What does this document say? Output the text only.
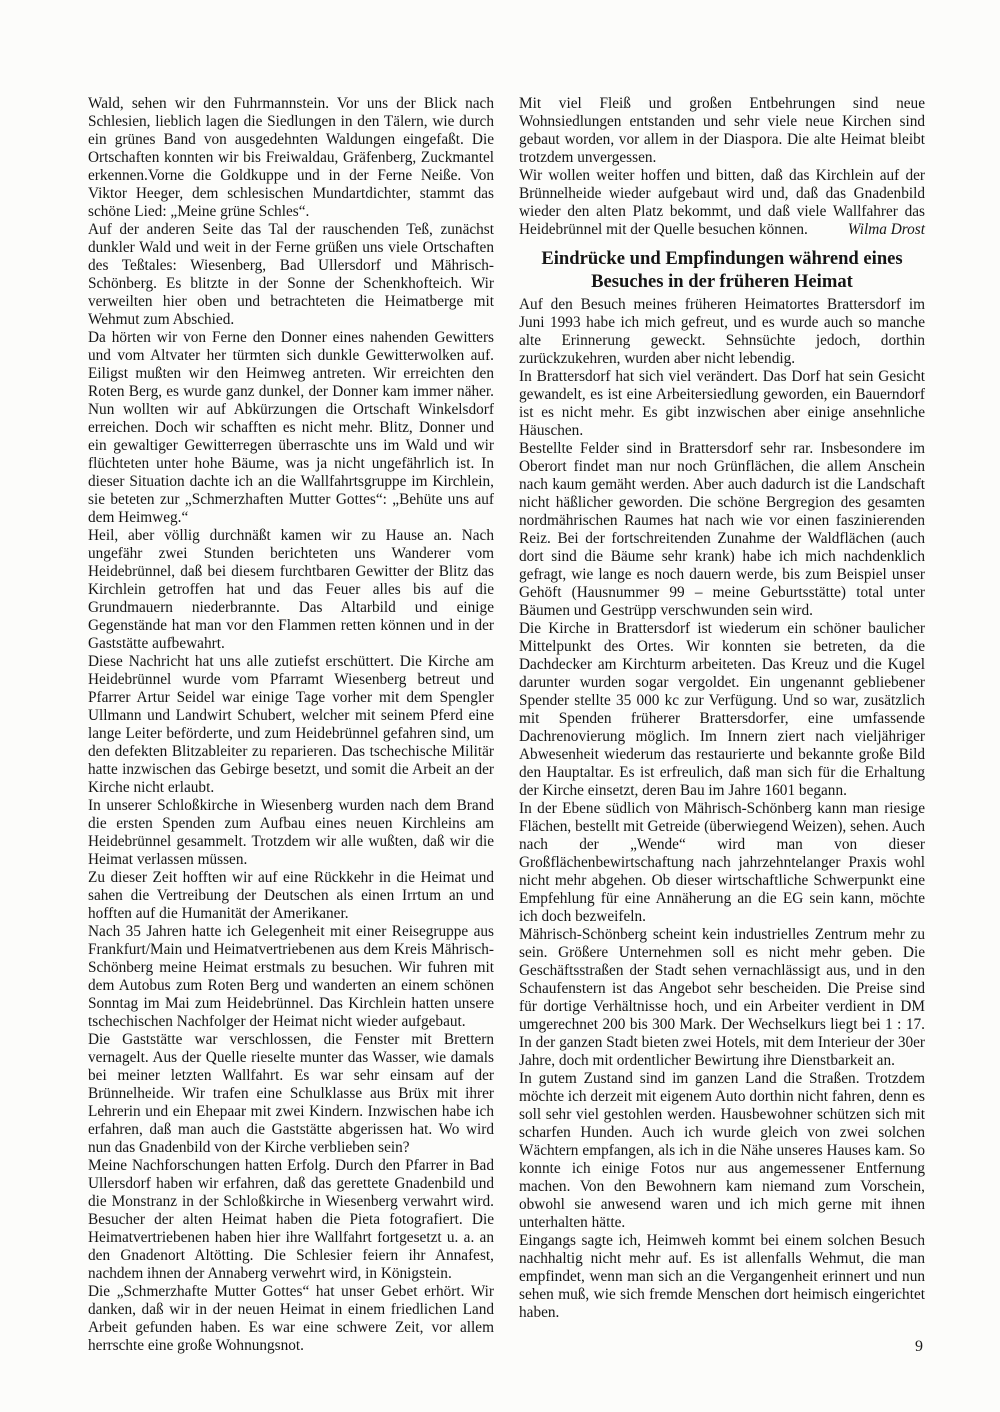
Wald, sehen wir den Fuhrmannstein. Vor uns der Blick nach Schlesien, lieblich lagen die Siedlungen in den Tälern, wie durch ein grünes Band von ausgedehnten Waldungen eingefaßt. Die Ortschaften konnten wir bis Freiwaldau, Gräfenberg, Zuckmantel erkennen.Vorne die Goldkuppe und in der Ferne Neiße. Von Viktor Heeger, dem schlesischen Mundartdichter, stammt das schöne Lied: „Meine grüne Schles“.

Auf der anderen Seite das Tal der rauschenden Teß, zunächst dunkler Wald und weit in der Ferne grüßen uns viele Ortschaften des Teßtales: Wiesenberg, Bad Ullersdorf und Mährisch-Schönberg. Es blitzte in der Sonne der Schenkhofteich. Wir verweilten hier oben und betrachteten die Heimatberge mit Wehmut zum Abschied.

Da hörten wir von Ferne den Donner eines nahenden Gewitters und vom Altvater her türmten sich dunkle Gewitterwolken auf. Eiligst mußten wir den Heimweg antreten. Wir erreichten den Roten Berg, es wurde ganz dunkel, der Donner kam immer näher. Nun wollten wir auf Abkürzungen die Ortschaft Winkelsdorf erreichen. Doch wir schafften es nicht mehr. Blitz, Donner und ein gewaltiger Gewitterregen überraschte uns im Wald und wir flüchteten unter hohe Bäume, was ja nicht ungefährlich ist. In dieser Situation dachte ich an die Wallfahrtsgruppe im Kirchlein, sie beteten zur „Schmerzhaften Mutter Gottes“: „Behüte uns auf dem Heimweg.“

Heil, aber völlig durchnäßt kamen wir zu Hause an. Nach ungefähr zwei Stunden berichteten uns Wanderer vom Heidebrünnel, daß bei diesem furchtbaren Gewitter der Blitz das Kirchlein getroffen hat und das Feuer alles bis auf die Grundmauern niederbrannte. Das Altarbild und einige Gegenstände hat man vor den Flammen retten können und in der Gaststätte aufbewahrt.

Diese Nachricht hat uns alle zutiefst erschüttert. Die Kirche am Heidebrünnel wurde vom Pfarramt Wiesenberg betreut und Pfarrer Artur Seidel war einige Tage vorher mit dem Spengler Ullmann und Landwirt Schubert, welcher mit seinem Pferd eine lange Leiter beförderte, und zum Heidebrünnel gefahren sind, um den defekten Blitzableiter zu reparieren. Das tschechische Militär hatte inzwischen das Gebirge besetzt, und somit die Arbeit an der Kirche nicht erlaubt.

In unserer Schloßkirche in Wiesenberg wurden nach dem Brand die ersten Spenden zum Aufbau eines neuen Kirchleins am Heidebrünnel gesammelt. Trotzdem wir alle wußten, daß wir die Heimat verlassen müssen.

Zu dieser Zeit hofften wir auf eine Rückkehr in die Heimat und sahen die Vertreibung der Deutschen als einen Irrtum an und hofften auf die Humanität der Amerikaner.

Nach 35 Jahren hatte ich Gelegenheit mit einer Reisegruppe aus Frankfurt/Main und Heimatvertriebenen aus dem Kreis Mährisch-Schönberg meine Heimat erstmals zu besuchen. Wir fuhren mit dem Autobus zum Roten Berg und wanderten an einem schönen Sonntag im Mai zum Heidebrünnel. Das Kirchlein hatten unsere tschechischen Nachfolger der Heimat nicht wieder aufgebaut.

Die Gaststätte war verschlossen, die Fenster mit Brettern vernagelt. Aus der Quelle rieselte munter das Wasser, wie damals bei meiner letzten Wallfahrt. Es war sehr einsam auf der Brünnelheide. Wir trafen eine Schulklasse aus Brüx mit ihrer Lehrerin und ein Ehepaar mit zwei Kindern. Inzwischen habe ich erfahren, daß man auch die Gaststätte abgerissen hat. Wo wird nun das Gnadenbild von der Kirche verblieben sein?

Meine Nachforschungen hatten Erfolg. Durch den Pfarrer in Bad Ullersdorf haben wir erfahren, daß das gerettete Gnadenbild und die Monstranz in der Schloßkirche in Wiesenberg verwahrt wird. Besucher der alten Heimat haben die Pieta fotografiert. Die Heimatvertriebenen haben hier ihre Wallfahrt fortgesetzt u. a. an den Gnadenort Altötting. Die Schlesier feiern ihr Annafest, nachdem ihnen der Annaberg verwehrt wird, in Königstein.

Die „Schmerzhafte Mutter Gottes“ hat unser Gebet erhört. Wir danken, daß wir in der neuen Heimat in einem friedlichen Land Arbeit gefunden haben. Es war eine schwere Zeit, vor allem herrschte eine große Wohnungsnot.

Mit viel Fleiß und großen Entbehrungen sind neue Wohnsiedlungen entstanden und sehr viele neue Kirchen sind gebaut worden, vor allem in der Diaspora. Die alte Heimat bleibt trotzdem unvergessen.

Wir wollen weiter hoffen und bitten, daß das Kirchlein auf der Brünnelheide wieder aufgebaut wird und, daß das Gnadenbild wieder den alten Platz bekommt, und daß viele Wallfahrer das Heidebrünnel mit der Quelle besuchen können.	Wilma Drost

Eindrücke und Empfindungen während eines
Besuches in der früheren Heimat

Auf den Besuch meines früheren Heimatortes Brattersdorf im Juni 1993 habe ich mich gefreut, und es wurde auch so manche alte Erinnerung geweckt. Sehnsüchte jedoch, dorthin zurückzukehren, wurden aber nicht lebendig.

In Brattersdorf hat sich viel verändert. Das Dorf hat sein Gesicht gewandelt, es ist eine Arbeitersiedlung geworden, ein Bauerndorf ist es nicht mehr. Es gibt inzwischen aber einige ansehnliche Häuschen.

Bestellte Felder sind in Brattersdorf sehr rar. Insbesondere im Oberort findet man nur noch Grünflächen, die allem Anschein nach kaum gemäht werden. Aber auch dadurch ist die Landschaft nicht häßlicher geworden. Die schöne Bergregion des gesamten nordmährischen Raumes hat nach wie vor einen faszinierenden Reiz. Bei der fortschreitenden Zunahme der Waldflächen (auch dort sind die Bäume sehr krank) habe ich mich nachdenklich gefragt, wie lange es noch dauern werde, bis zum Beispiel unser Gehöft (Hausnummer 99 – meine Geburtsstätte) total unter Bäumen und Gestrüpp verschwunden sein wird.

Die Kirche in Brattersdorf ist wiederum ein schöner baulicher Mittelpunkt des Ortes. Wir konnten sie betreten, da die Dachdecker am Kirchturm arbeiteten. Das Kreuz und die Kugel darunter wurden sogar vergoldet. Ein ungenannt gebliebener Spender stellte 35 000 kc zur Verfügung. Und so war, zusätzlich mit Spenden früherer Brattersdorfer, eine umfassende Dachrenovierung möglich. Im Innern ziert nach vieljähriger Abwesenheit wiederum das restaurierte und bekannte große Bild den Hauptaltar. Es ist erfreulich, daß man sich für die Erhaltung der Kirche einsetzt, deren Bau im Jahre 1601 begann.

In der Ebene südlich von Mährisch-Schönberg kann man riesige Flächen, bestellt mit Getreide (überwiegend Weizen), sehen. Auch nach der „Wende“ wird man von dieser Großflächenbewirtschaftung nach jahrzehntelanger Praxis wohl nicht mehr abgehen. Ob dieser wirtschaftliche Schwerpunkt eine Empfehlung für eine Annäherung an die EG sein kann, möchte ich doch bezweifeln.

Mährisch-Schönberg scheint kein industrielles Zentrum mehr zu sein. Größere Unternehmen soll es nicht mehr geben. Die Geschäftsstraßen der Stadt sehen vernachlässigt aus, und in den Schaufenstern ist das Angebot sehr bescheiden. Die Preise sind für dortige Verhältnisse hoch, und ein Arbeiter verdient in DM umgerechnet 200 bis 300 Mark. Der Wechselkurs liegt bei 1 : 17. In der ganzen Stadt bieten zwei Hotels, mit dem Interieur der 30er Jahre, doch mit ordentlicher Bewirtung ihre Dienstbarkeit an.

In gutem Zustand sind im ganzen Land die Straßen. Trotzdem möchte ich derzeit mit eigenem Auto dorthin nicht fahren, denn es soll sehr viel gestohlen werden. Hausbewohner schützen sich mit scharfen Hunden. Auch ich wurde gleich von zwei solchen Wächtern empfangen, als ich in die Nähe unseres Hauses kam. So konnte ich einige Fotos nur aus angemessener Entfernung machen. Von den Bewohnern kam niemand zum Vorschein, obwohl sie anwesend waren und ich mich gerne mit ihnen unterhalten hätte.

Eingangs sagte ich, Heimweh kommt bei einem solchen Besuch nachhaltig nicht mehr auf. Es ist allenfalls Wehmut, die man empfindet, wenn man sich an die Vergangenheit erinnert und nun sehen muß, wie sich fremde Menschen dort heimisch eingerichtet haben.

9
